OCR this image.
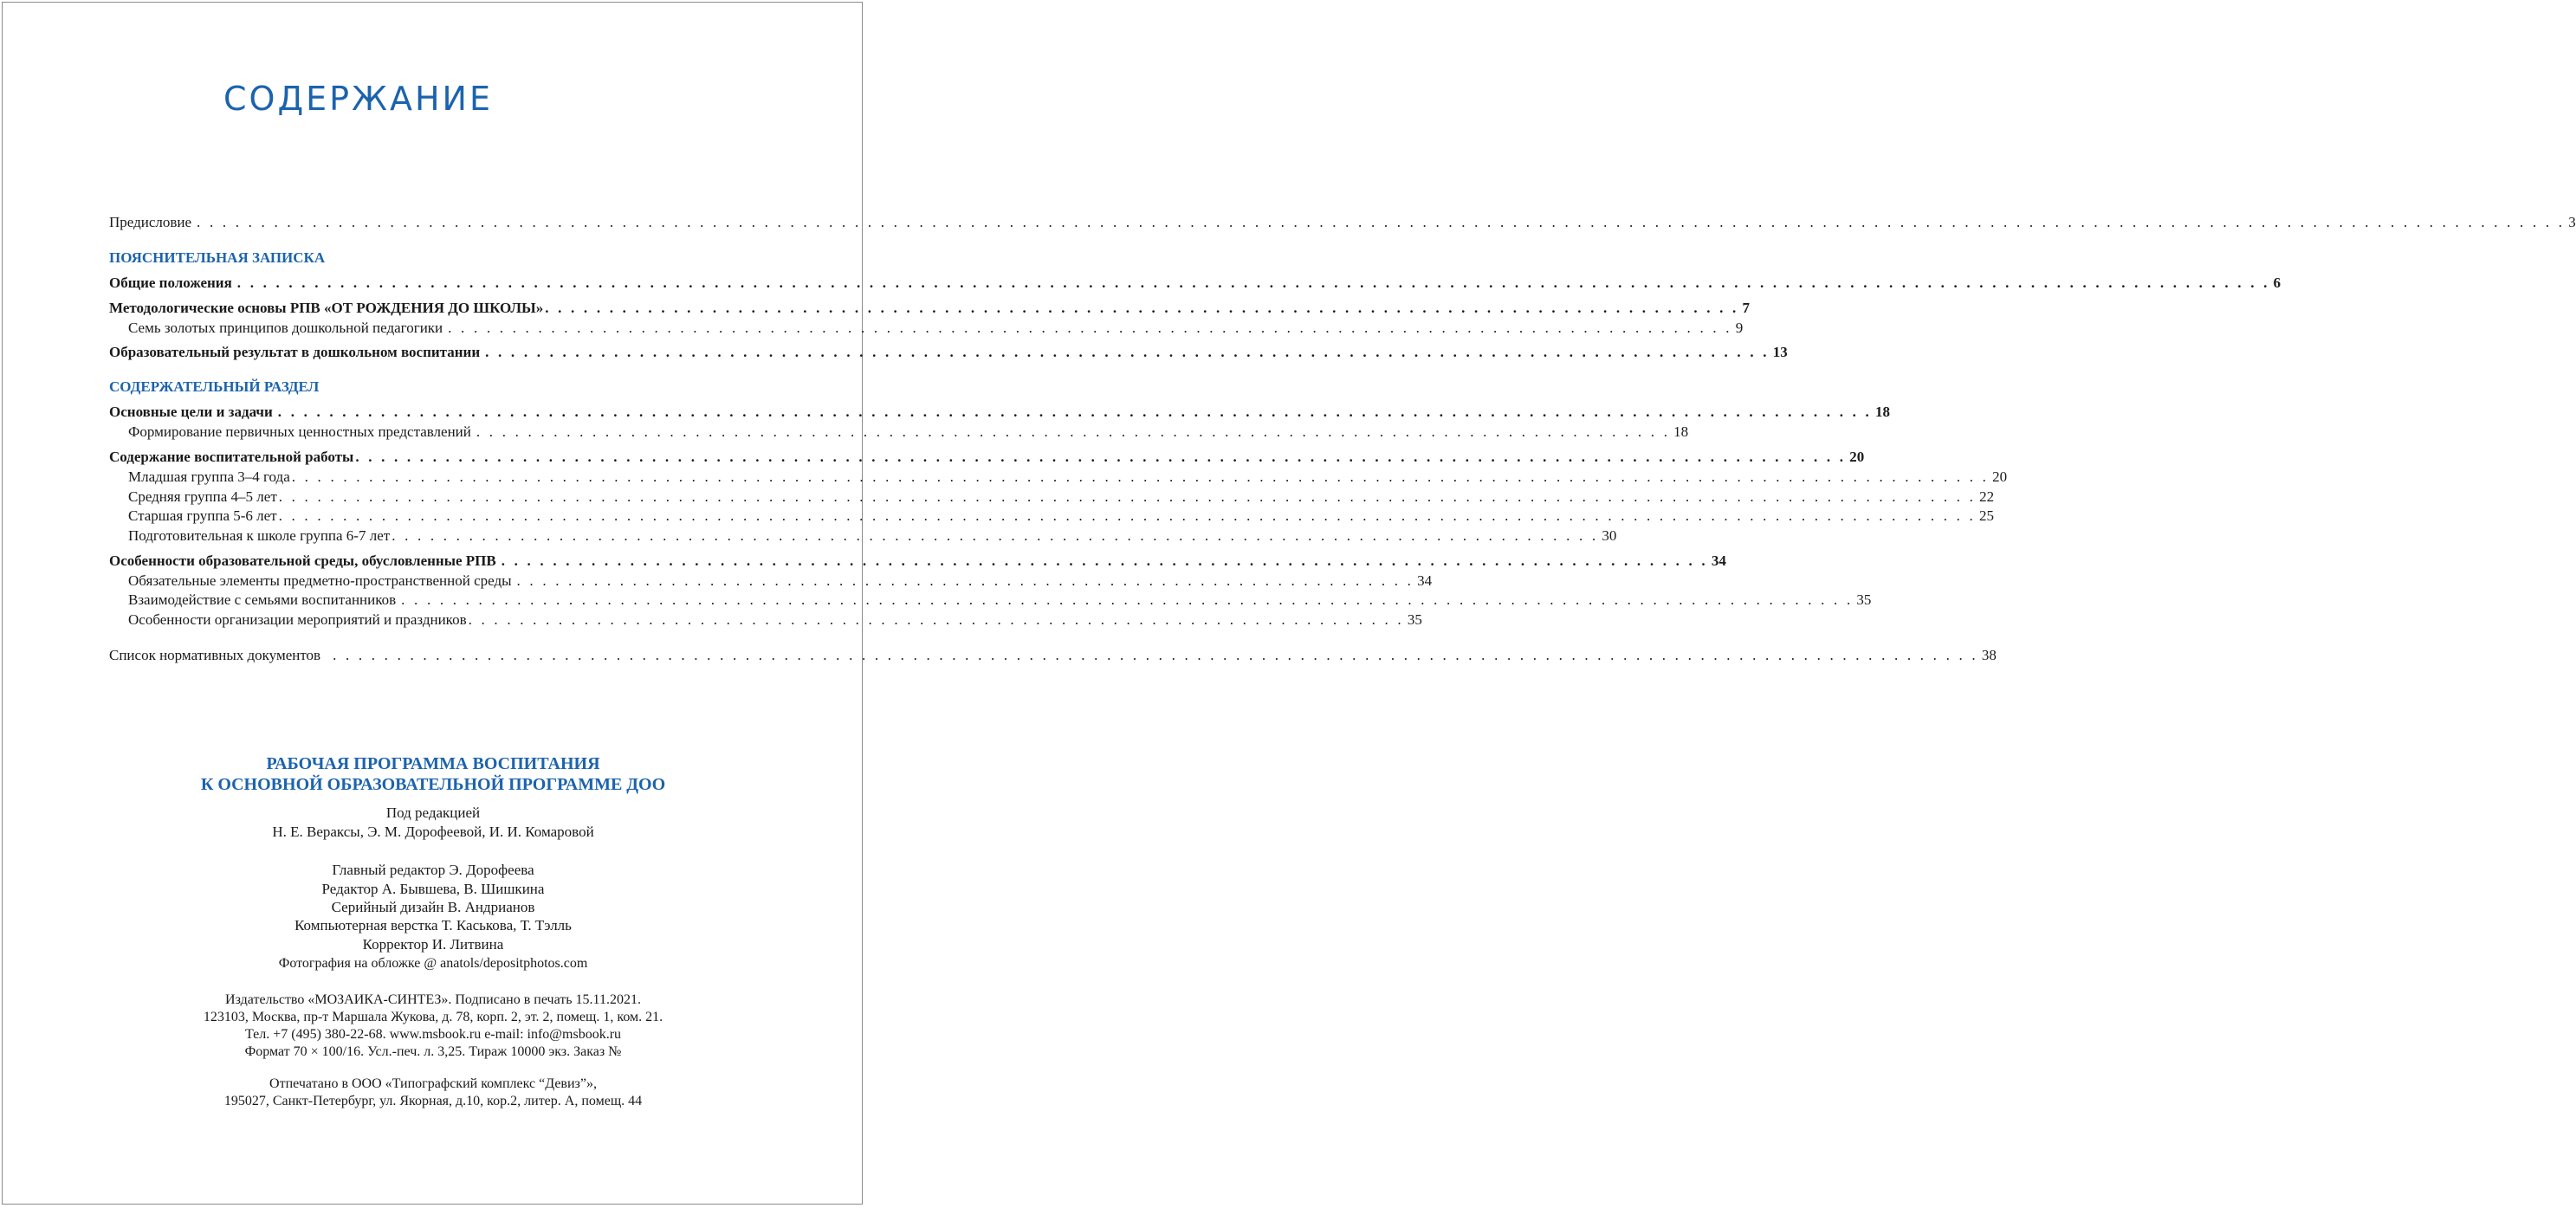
СОДЕРЖАНИЕ
Предисловие . . . . . . . . . . . . . . . . . . . . . . . . . . . . . . . . . . . . . . . . . . . . . . . . . . . . . . . . . . . . . . . . . . . . . . . . . . . . . . . . . . . . . . . . . . . . . . . . . . . . . . . . . . . . . . . . . . . . . . . . . . . . . . . . . . . . . . . . . . . . . . . . . . . . . . . . . . . . . . . . . . . . . . . . . . . . . . . . . . . . . . . . 3
ПОЯСНИТЕЛЬНАЯ ЗАПИСКА
Общие положения . . . . . . . . . . . . . . . . . . . . . . . . . . . . . . . . . . . . . . . . . . . . . . . . . . . . . . . . . . . . . . . . . . . . . . . . . . . . . . . . . . . . . . . . . . . . . . . . . . . . . . . . . . . . . . . . . . . . . . . . . . . . . . . . . . . . . . . . . . . . . . . . . . . . . . . . . . . . . . 6
Методологические основы РПВ «ОТ РОЖДЕНИЯ ДО ШКОЛЫ» . . . . . . . . . . . . . . . . . . . . . . . . . . . . . . . . . . . . . . . . . . . . . . . . . . . . . . . . . . . . . . . . . . . . . . . . . . . . . . . . . . . . . . . . . . . . . 7
Семь золотых принципов дошкольной педагогики . . . . . . . . . . . . . . . . . . . . . . . . . . . . . . . . . . . . . . . . . . . . . . . . . . . . . . . . . . . . . . . . . . . . . . . . . . . . . . . . . . . . . . . . . . . . . . . . . . . . 9
Образовательный результат в дошкольном воспитании . . . . . . . . . . . . . . . . . . . . . . . . . . . . . . . . . . . . . . . . . . . . . . . . . . . . . . . . . . . . . . . . . . . . . . . . . . . . . . . . . . . . . . . . . . . . . . . . . . . . 13
СОДЕРЖАТЕЛЬНЫЙ РАЗДЕЛ
Основные цели и задачи . . . . . . . . . . . . . . . . . . . . . . . . . . . . . . . . . . . . . . . . . . . . . . . . . . . . . . . . . . . . . . . . . . . . . . . . . . . . . . . . . . . . . . . . . . . . . . . . . . . . . . . . . . . . . . . . . . . . . . . . . . . . 18
Формирование первичных ценностных представлений . . . . . . . . . . . . . . . . . . . . . . . . . . . . . . . . . . . . . . . . . . . . . . . . . . . . . . . . . . . . . . . . . . . . . . . . . . . . . . . . . . . . . . . . . . . . . 18
Содержание воспитательной работы . . . . . . . . . . . . . . . . . . . . . . . . . . . . . . . . . . . . . . . . . . . . . . . . . . . . . . . . . . . . . . . . . . . . . . . . . . . . . . . . . . . . . . . . . . . . . . . . . . . . . . . . . . . . . . . . . . . . 20
Младшая группа 3–4 года . . . . . . . . . . . . . . . . . . . . . . . . . . . . . . . . . . . . . . . . . . . . . . . . . . . . . . . . . . . . . . . . . . . . . . . . . . . . . . . . . . . . . . . . . . . . . . . . . . . . . . . . . . . . . . . . . . . . . . . . . . . . . . . . . . . . 20
Средняя группа 4–5 лет . . . . . . . . . . . . . . . . . . . . . . . . . . . . . . . . . . . . . . . . . . . . . . . . . . . . . . . . . . . . . . . . . . . . . . . . . . . . . . . . . . . . . . . . . . . . . . . . . . . . . . . . . . . . . . . . . . . . . . . . . . . . . . . . . . . . 22
Старшая группа 5-6 лет . . . . . . . . . . . . . . . . . . . . . . . . . . . . . . . . . . . . . . . . . . . . . . . . . . . . . . . . . . . . . . . . . . . . . . . . . . . . . . . . . . . . . . . . . . . . . . . . . . . . . . . . . . . . . . . . . . . . . . . . . . . . . . . . . . . . 25
Подготовительная к школе группа 6-7 лет . . . . . . . . . . . . . . . . . . . . . . . . . . . . . . . . . . . . . . . . . . . . . . . . . . . . . . . . . . . . . . . . . . . . . . . . . . . . . . . . . . . . . . . . . . . . . . 30
Особенности образовательной среды, обусловленные РПВ . . . . . . . . . . . . . . . . . . . . . . . . . . . . . . . . . . . . . . . . . . . . . . . . . . . . . . . . . . . . . . . . . . . . . . . . . . . . . . . . . . . . . . . . . . . . . . 34
Обязательные элементы предметно-пространственной среды . . . . . . . . . . . . . . . . . . . . . . . . . . . . . . . . . . . . . . . . . . . . . . . . . . . . . . . . . . . . . . . . . . . . . . 34
Взаимодействие с семьями воспитанников . . . . . . . . . . . . . . . . . . . . . . . . . . . . . . . . . . . . . . . . . . . . . . . . . . . . . . . . . . . . . . . . . . . . . . . . . . . . . . . . . . . . . . . . . . . . . . . . . . . . . . . . . . . . . . . . . 35
Особенности организации мероприятий и праздников . . . . . . . . . . . . . . . . . . . . . . . . . . . . . . . . . . . . . . . . . . . . . . . . . . . . . . . . . . . . . . . . . . . . . . . . . 35
Список нормативных документов . . . . . . . . . . . . . . . . . . . . . . . . . . . . . . . . . . . . . . . . . . . . . . . . . . . . . . . . . . . . . . . . . . . . . . . . . . . . . . . . . . . . . . . . . . . . . . . . . . . . . . . . . . . . . . . . . . . . . . . . . . . . . . . . 38
РАБОЧАЯ ПРОГРАММА ВОСПИТАНИЯ
К ОСНОВНОЙ ОБРАЗОВАТЕЛЬНОЙ ПРОГРАММЕ ДОО
Под редакцией
Н. Е. Вераксы, Э. М. Дорофеевой, И. И. Комаровой
Главный редактор Э. Дорофеева
Редактор А. Бывшева, В. Шишкина
Серийный дизайн В. Андрианов
Компьютерная верстка Т. Каськова, Т. Тэлль
Корректор И. Литвина
Фотография на обложке @ anatols/depositphotos.com
Издательство «МОЗАИКА-СИНТЕЗ». Подписано в печать 15.11.2021.
123103, Москва, пр-т Маршала Жукова, д. 78, корп. 2, эт. 2, помещ. 1, ком. 21.
Тел. +7 (495) 380-22-68. www.msbook.ru e-mail: info@msbook.ru
Формат 70 × 100/16. Усл.-печ. л. 3,25. Тираж 10000 экз. Заказ №
Отпечатано в ООО «Типографский комплекс “Девиз”»,
195027, Санкт-Петербург, ул. Якорная, д.10, кор.2, литер. А, помещ. 44
